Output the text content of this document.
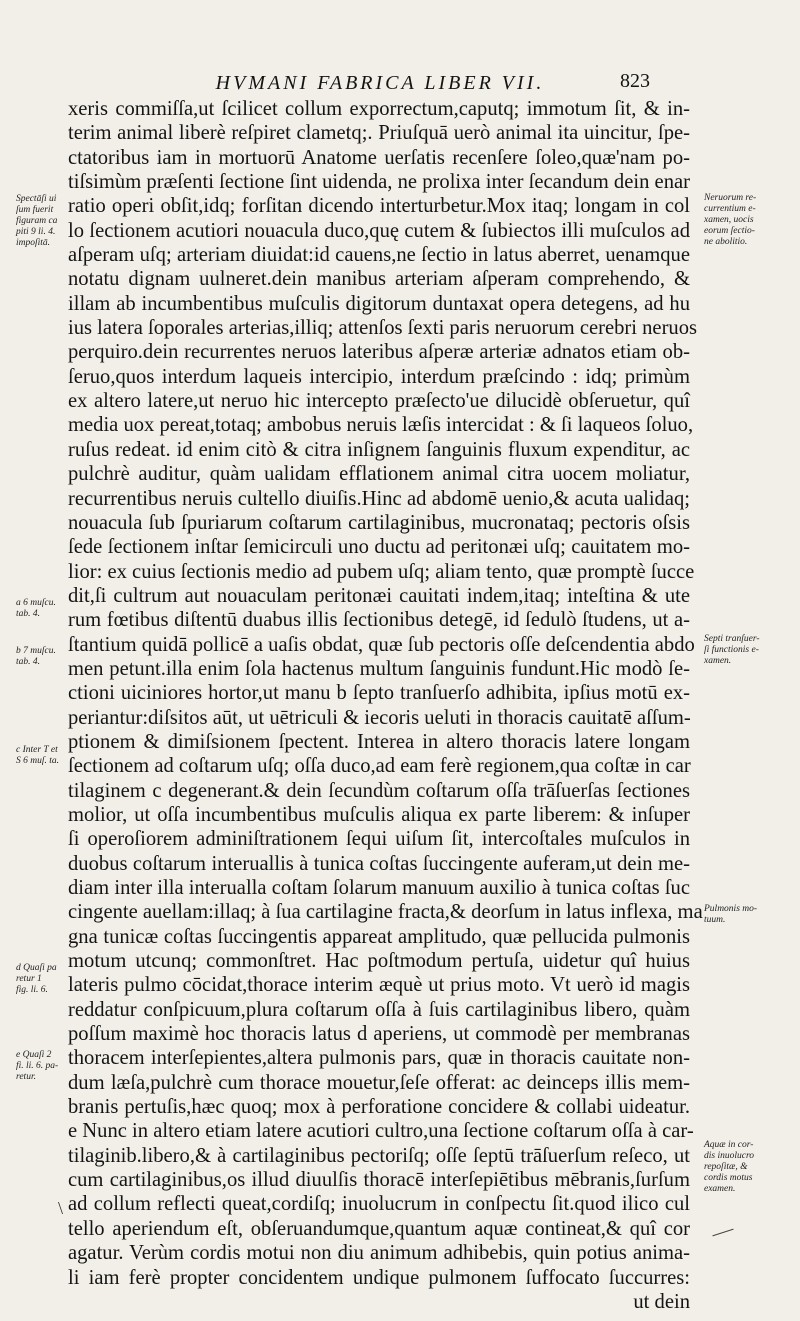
HVMANI FABRICA LIBER VII.	823
xeris commiſſa,ut ſcilicet collum exporrectum,caputq; immotum ſit, & in-
terim animal liberè reſpiret clametq;. Priuſquā uerò animal ita uincitur, ſpe-
ctatoribus iam in mortuorū Anatome uerſatis recenſere ſoleo,quæ'nam po-
tiſsimùm præſenti ſectione ſint uidenda, ne prolixa inter ſecandum dein enar
ratio operi obſit,idq; forſitan dicendo interturbetur.Mox itaq; longam in col
lo ſectionem acutiori nouacula duco,quę cutem & ſubiectos illi muſculos ad
aſperam uſq; arteriam diuidat:id cauens,ne ſectio in latus aberret, uenamque
notatu dignam uulneret.dein manibus arteriam aſperam comprehendo, &
illam ab incumbentibus muſculis digitorum duntaxat opera detegens, ad hu
ius latera ſoporales arterias,illiq; attenſos ſexti paris neruorum cerebri neruos
perquiro.dein recurrentes neruos lateribus aſperæ arteriæ adnatos etiam ob-
ſeruo,quos interdum laqueis intercipio, interdum præſcindo : idq; primùm
ex altero latere,ut neruo hic intercepto præſecto'ue dilucidè obſeruetur, quî
media uox pereat,totaq; ambobus neruis læſis intercidat : & ſi laqueos ſoluo,
ruſus redeat. id enim citò & citra inſignem ſanguinis fluxum expenditur, ac
pulchrè auditur, quàm ualidam efflationem animal citra uocem moliatur,
recurrentibus neruis cultello diuiſis.Hinc ad abdomē uenio,& acuta ualidaq;
nouacula ſub ſpuriarum coſtarum cartilaginibus, mucronataq; pectoris oſsis
ſede ſectionem inſtar ſemicirculi uno ductu ad peritonæi uſq; cauitatem mo-
lior: ex cuius ſectionis medio ad pubem uſq; aliam tento, quæ promptè ſucce
dit,ſi cultrum aut nouaculam peritonæi cauitati indem,itaq; inteſtina & ute
rum fœtibus diſtentū duabus illis ſectionibus detegē, id ſedulò ſtudens, ut a-
ſtantium quidā pollicē a uaſis obdat, quæ ſub pectoris oſſe deſcendentia abdo
men petunt.illa enim ſola hactenus multum ſanguinis fundunt.Hic modò ſe-
ctioni uiciniores hortor,ut manu b ſepto tranſuerſo adhibita, ipſius motū ex-
periantur:diſsitos aūt, ut uētriculi & iecoris ueluti in thoracis cauitatē aſſum-
ptionem & dimiſsionem ſpectent. Interea in altero thoracis latere longam
ſectionem ad coſtarum uſq; oſſa duco,ad eam ferè regionem,qua coſtæ in car
tilaginem c degenerant.& dein ſecundùm coſtarum oſſa trāſuerſas ſectiones
molior, ut oſſa incumbentibus muſculis aliqua ex parte liberem: & inſuper
ſi operoſiorem adminiſtrationem ſequi uiſum ſit, intercoſtales muſculos in
duobus coſtarum interuallis à tunica coſtas ſuccingente auferam,ut dein me-
diam inter illa interualla coſtam ſolarum manuum auxilio à tunica coſtas ſuc
cingente auellam:illaq; à ſua cartilagine fracta,& deorſum in latus inflexa, ma
gna tunicæ coſtas ſuccingentis appareat amplitudo, quæ pellucida pulmonis
motum utcunq; commonſtret. Hac poſtmodum pertuſa, uidetur quî huius
lateris pulmo cōcidat,thorace interim æquè ut prius moto. Vt uerò id magis
reddatur conſpicuum,plura coſtarum oſſa à ſuis cartilaginibus libero, quàm
poſſum maximè hoc thoracis latus d aperiens, ut commodè per membranas
thoracem interſepientes,altera pulmonis pars, quæ in thoracis cauitate non-
dum læſa,pulchrè cum thorace mouetur,ſeſe offerat: ac deinceps illis mem-
branis pertuſis,hæc quoq; mox à perforatione concidere & collabi uideatur.
e Nunc in altero etiam latere acutiori cultro,una ſectione coſtarum oſſa à car-
tilaginib.libero,& à cartilaginibus pectoriſq; oſſe ſeptū trāſuerſum reſeco, ut
cum cartilaginibus,os illud diuulſis thoracē interſepiētibus mēbranis,ſurſum
ad collum reflecti queat,cordiſq; inuolucrum in conſpectu ſit.quod ilico cul
tello aperiendum eſt, obſeruandumque,quantum aquæ contineat,& quî cor
agatur. Verùm cordis motui non diu animum adhibebis, quin potius anima-
li iam ferè propter concidentem undique pulmonem ſuffocato ſuccurres:
ut dein
Spectāſi ui
ſum fuerit
figuram ca
piti 9 li. 4.
impoſitā.
a 6 muſcu.
tab. 4.
b 7 muſcu.
tab. 4.
c Inter T et
S 6 muſ. ta.
d Quaſi pa
retur 1
fig. li. 6.
e Quaſi 2
fi. li. 6. pa-
retur.
Neruorum re-
currentium e-
xamen, uocis
eorum ſectio-
ne abolitio.
Septi tranſuer-
ſi functionis e-
xamen.
Pulmonis mo-
tuum.
Aquæ in cor-
dis inuolucro
repoſitæ, &
cordis motus
examen.
\
